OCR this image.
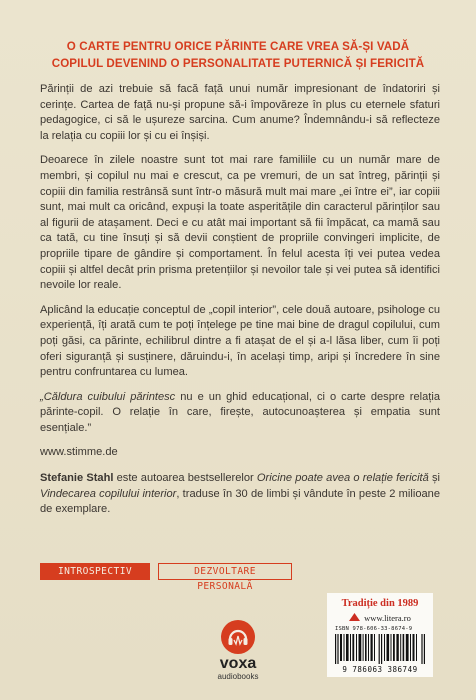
O CARTE PENTRU ORICE PĂRINTE CARE VREA SĂ-ȘI VADĂ
COPILUL DEVENIND O PERSONALITATE PUTERNICĂ ȘI FERICITĂ

Părinții de azi trebuie să facă față unui număr impresionant de îndatoriri și cerințe. Cartea de față nu-și propune să-i împovăreze în plus cu eternele sfaturi pedagogice, ci să le ușureze sarcina. Cum anume? Îndemnându-i să reflecteze la relația cu copiii lor și cu ei înșiși.

Deoarece în zilele noastre sunt tot mai rare familiile cu un număr mare de membri, și copilul nu mai e crescut, ca pe vremuri, de un sat întreg, părinții și copiii din familia restrânsă sunt într-o măsură mult mai mare „ei între ei”, iar copiii sunt, mai mult ca oricând, expuși la toate asperitățile din caracterul părinților sau al figurii de atașament. Deci e cu atât mai important să fii împăcat, ca mamă sau ca tată, cu tine însuți și să devii conștient de propriile convingeri implicite, de propriile tipare de gândire și comportament. În felul acesta îți vei putea vedea copiii și altfel decât prin prisma pretențiilor și nevoilor tale și vei putea să identifici nevoile lor reale.

Aplicând la educație conceptul de „copil interior”, cele două autoare, psihologe cu experiență, îți arată cum te poți înțelege pe tine mai bine de dragul copilului, cum poți găsi, ca părinte, echilibrul dintre a fi atașat de el și a-l lăsa liber, cum îi poți oferi siguranță și susținere, dăruindu-i, în același timp, aripi și încredere în sine pentru confruntarea cu lumea.

„Căldura cuibului părintesc nu e un ghid educațional, ci o carte despre relația părinte-copil. O relație în care, firește, autocunoașterea și empatia sunt esențiale.”

www.stimme.de

Stefanie Stahl este autoarea bestsellerelor Oricine poate avea o relație fericită și Vindecarea copilului interior, traduse în 30 de limbi și vândute în peste 2 milioane de exemplare.

INTROSPECTIV	DEZVOLTARE PERSONALĂ
voxa
audiobooks
Tradiție din 1989
www.litera.ro
ISBN 978-606-33-8674-9
9 786063 386749
